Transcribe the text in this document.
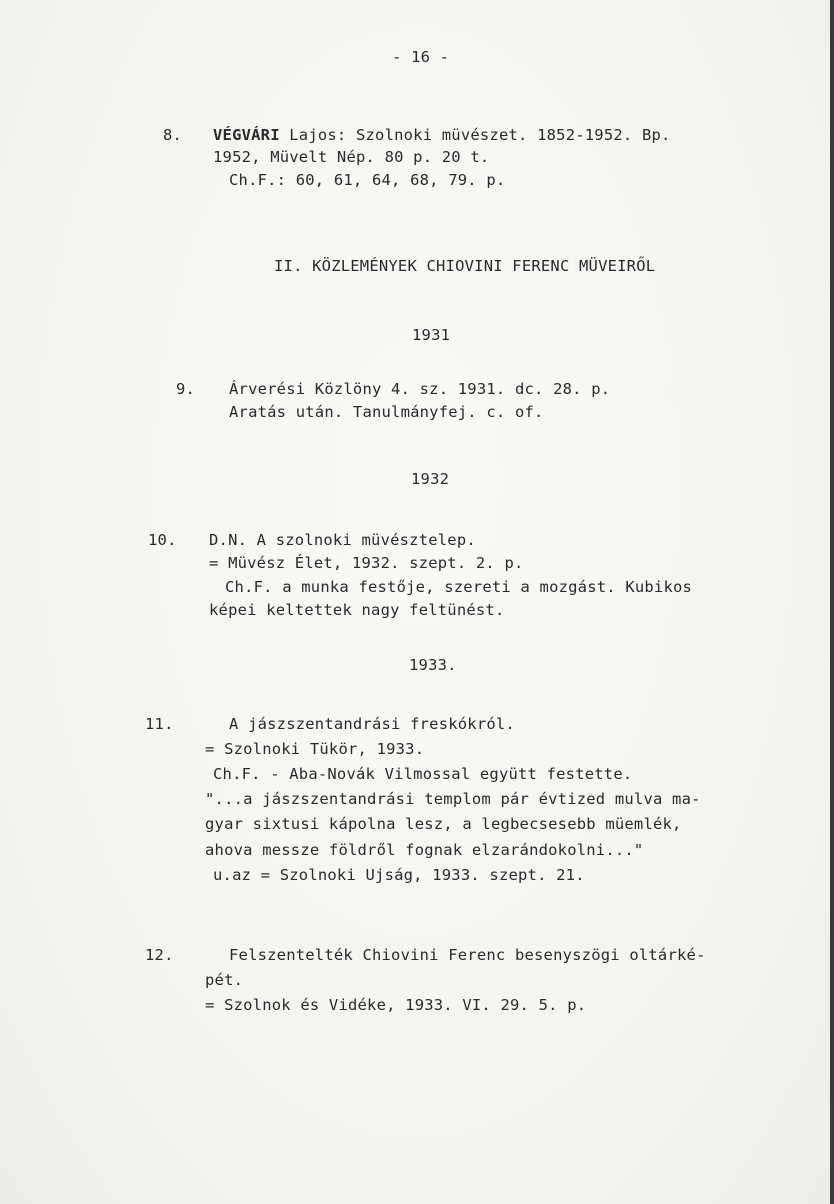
- 16 -
8. VÉGVÁRI Lajos: Szolnoki müvészet. 1852-1952. Bp.
1952, Müvelt Nép. 80 p. 20 t.
Ch.F.: 60, 61, 64, 68, 79. p.
II. KÖZLEMÉNYEK CHIOVINI FERENC MÜVEIRŐL
1931
9. Árverési Közlöny 4. sz. 1931. dc. 28. p.
Aratás után. Tanulmányfej. c. of.
1932
10. D.N. A szolnoki müvésztelep.
= Müvész Élet, 1932. szept. 2. p.
Ch.F. a munka festője, szereti a mozgást. Kubikos
képei keltettek nagy feltünést.
1933.
11.	A jászszentandrási freskókról.
= Szolnoki Tükör, 1933.
Ch.F. - Aba-Novák Vilmossal együtt festette.
"...a jászszentandrási templom pár évtized mulva ma-
gyar sixtusi kápolna lesz, a legbecsesebb müemlék,
ahova messze földről fognak elzarándokolni..."
u.az = Szolnoki Ujság, 1933. szept. 21.
12.	Felszentelték Chiovini Ferenc besenyszögi oltárké-
pét.
= Szolnok és Vidéke, 1933. VI. 29. 5. p.
